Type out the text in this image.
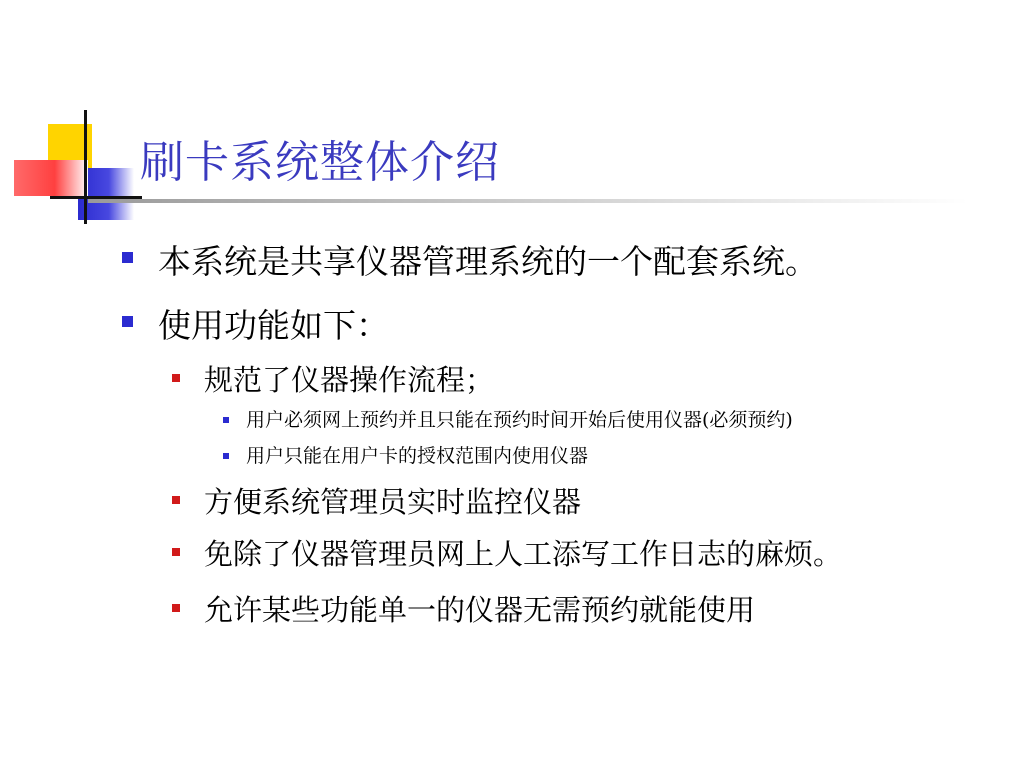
刷卡系统整体介绍
本系统是共享仪器管理系统的一个配套系统。
使用功能如下：
规范了仪器操作流程；
用户必须网上预约并且只能在预约时间开始后使用仪器(必须预约)
用户只能在用户卡的授权范围内使用仪器
方便系统管理员实时监控仪器
免除了仪器管理员网上人工添写工作日志的麻烦。
允许某些功能单一的仪器无需预约就能使用
